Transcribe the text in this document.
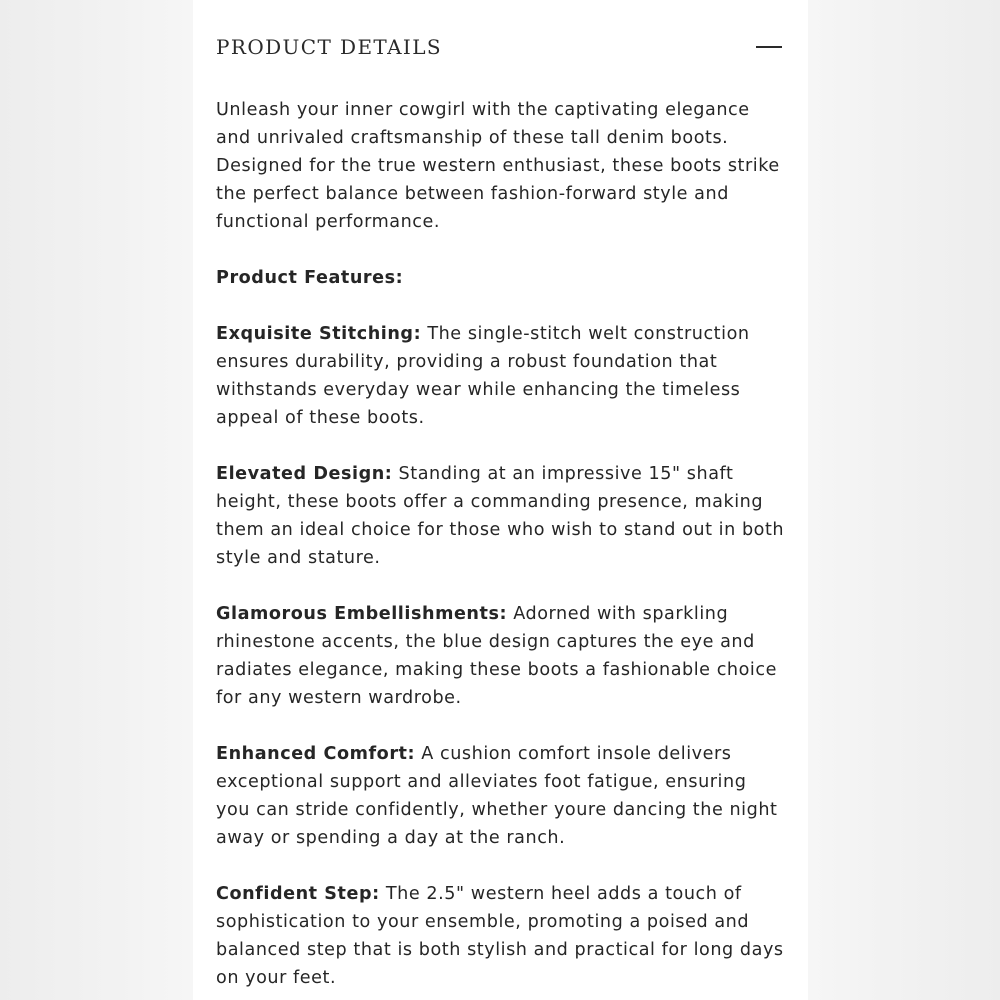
PRODUCT DETAILS

Unleash your inner cowgirl with the captivating elegance and unrivaled craftsmanship of these tall denim boots. Designed for the true western enthusiast, these boots strike the perfect balance between fashion-forward style and functional performance.

Product Features:

Exquisite Stitching: The single-stitch welt construction ensures durability, providing a robust foundation that withstands everyday wear while enhancing the timeless appeal of these boots.

Elevated Design: Standing at an impressive 15" shaft height, these boots offer a commanding presence, making them an ideal choice for those who wish to stand out in both style and stature.

Glamorous Embellishments: Adorned with sparkling rhinestone accents, the blue design captures the eye and radiates elegance, making these boots a fashionable choice for any western wardrobe.

Enhanced Comfort: A cushion comfort insole delivers exceptional support and alleviates foot fatigue, ensuring you can stride confidently, whether youre dancing the night away or spending a day at the ranch.

Confident Step: The 2.5" western heel adds a touch of sophistication to your ensemble, promoting a poised and balanced step that is both stylish and practical for long days on your feet.
